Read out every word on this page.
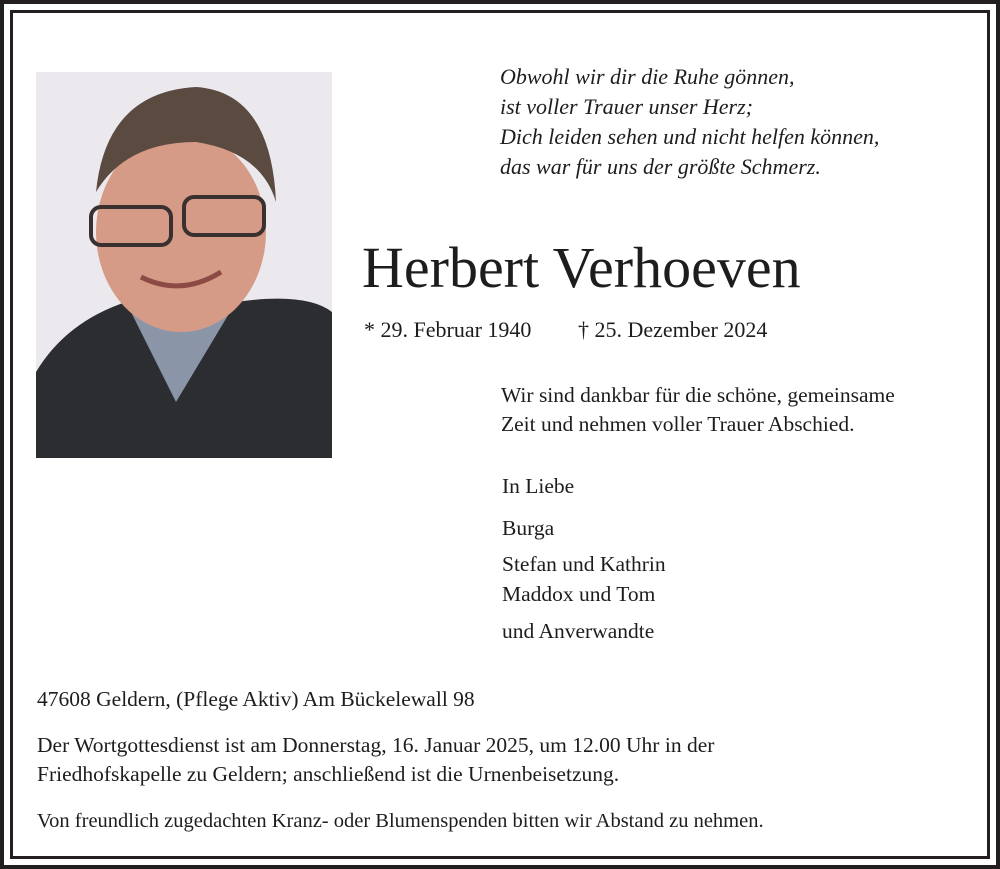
Obwohl wir dir die Ruhe gönnen,
ist voller Trauer unser Herz;
Dich leiden sehen und nicht helfen können,
das war für uns der größte Schmerz.
Herbert Verhoeven
* 29. Februar 1940 † 25. Dezember 2024
Wir sind dankbar für die schöne, gemeinsame
Zeit und nehmen voller Trauer Abschied.
In Liebe
Burga
Stefan und Kathrin
Maddox und Tom
und Anverwandte
47608 Geldern, (Pflege Aktiv) Am Bückelewall 98
Der Wortgottesdienst ist am Donnerstag, 16. Januar 2025, um 12.00 Uhr in der
Friedhofskapelle zu Geldern; anschließend ist die Urnenbeisetzung.
Von freundlich zugedachten Kranz- oder Blumenspenden bitten wir Abstand zu nehmen.
